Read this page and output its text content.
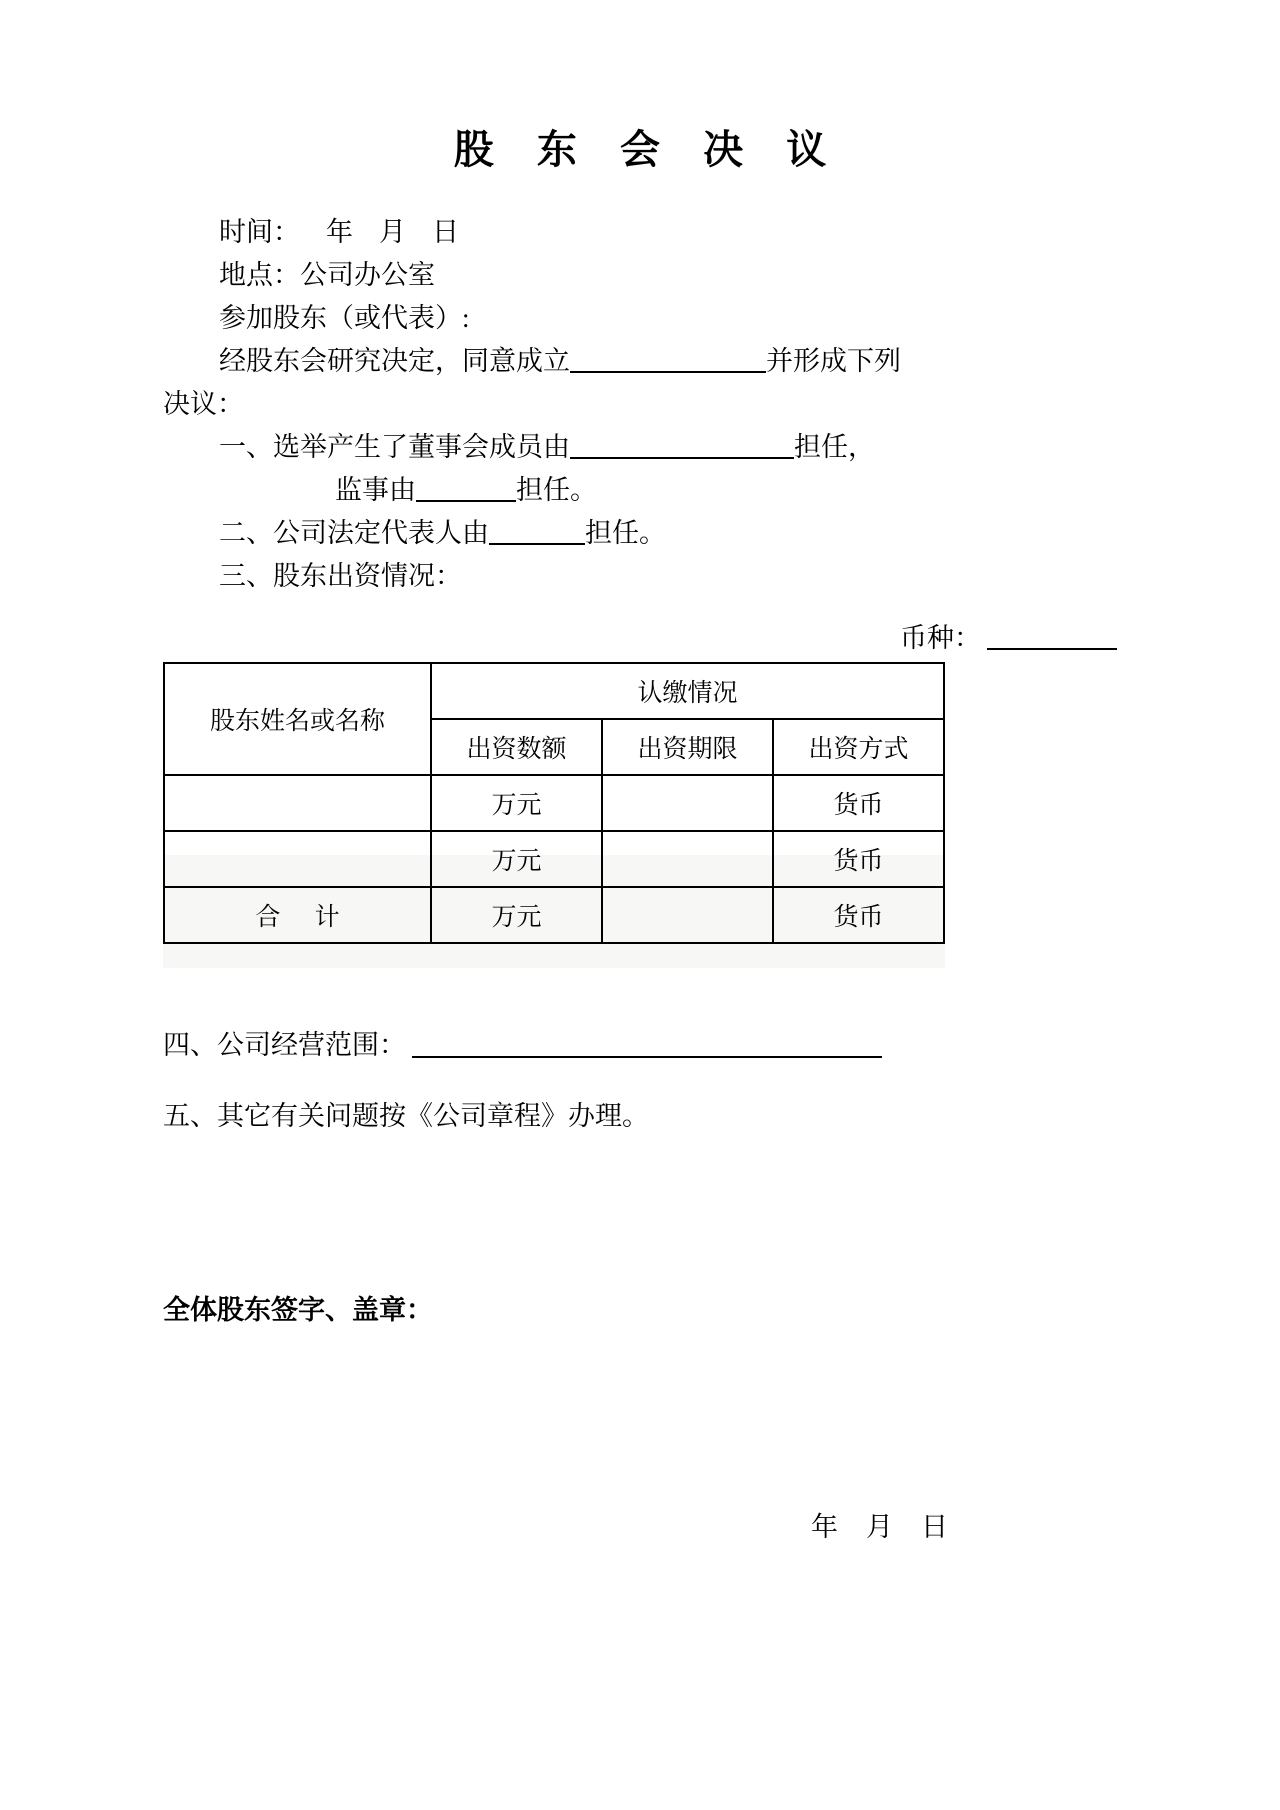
股 东 会 决 议
时间： 年 月 日
地点：公司办公室
参加股东（或代表）:
经股东会研究决定，同意成立	并形成下列
决议：
一、选举产生了董事会成员由	担任，
监事由	担任。
二、公司法定代表人由	担任。
三、股东出资情况：
币种：
股东姓名或名称	认缴情况		
	出资数额	出资期限	出资方式
	万元		货币
	万元		货币
合 计	万元		货币
四、公司经营范围：
五、其它有关问题按《公司章程》办理。
全体股东签字、盖章：
年 月 日
